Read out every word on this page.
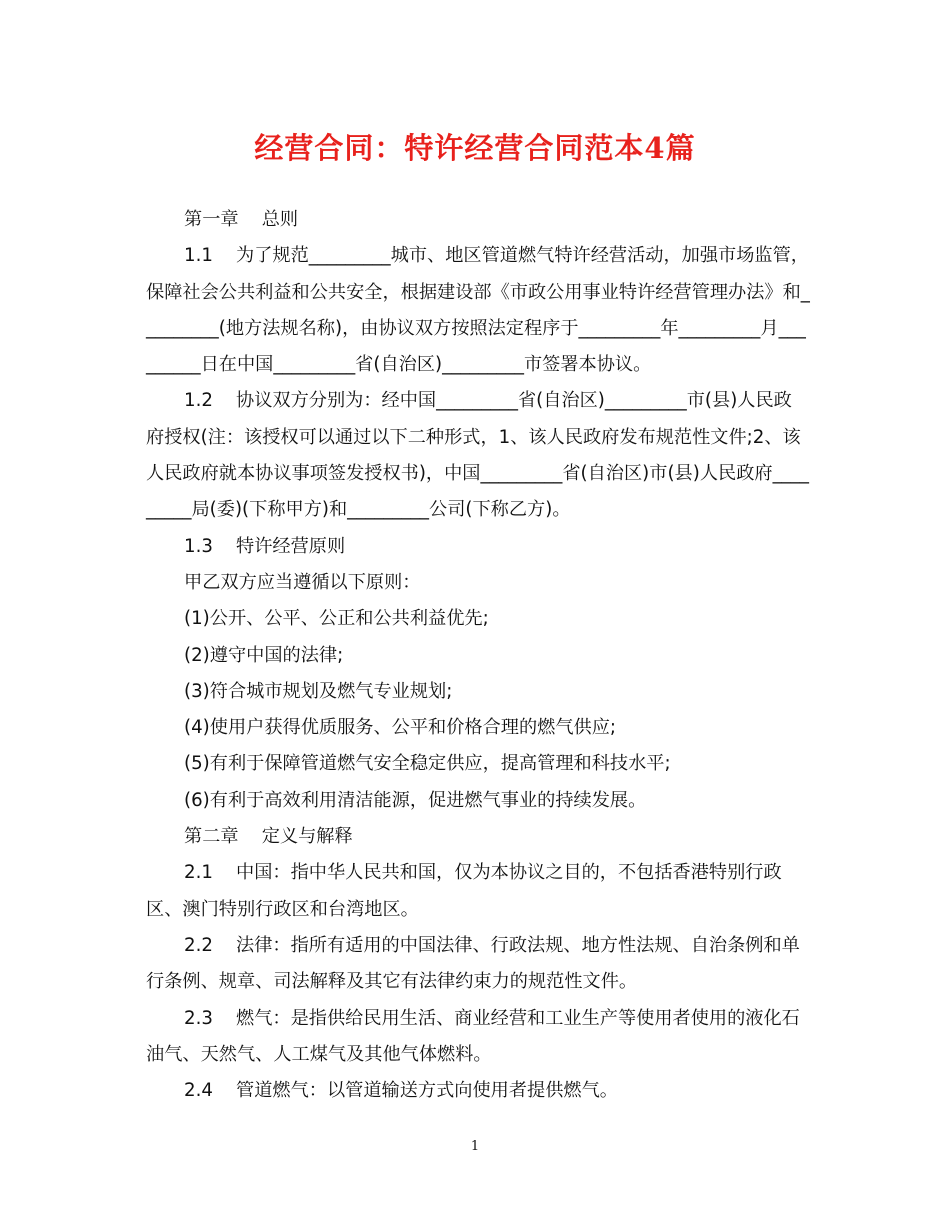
经营合同：特许经营合同范本4篇

第一章    总则

1.1    为了规范_________城市、地区管道燃气特许经营活动，加强市场监管，保障社会公共利益和公共安全，根据建设部《市政公用事业特许经营管理办法》和_________(地方法规名称)，由协议双方按照法定程序于_________年_________月_________日在中国_________省(自治区)_________市签署本协议。

1.2    协议双方分别为：经中国_________省(自治区)_________市(县)人民政府授权(注：该授权可以通过以下二种形式，1、该人民政府发布规范性文件;2、该人民政府就本协议事项签发授权书)，中国_________省(自治区)市(县)人民政府_________局(委)(下称甲方)和_________公司(下称乙方)。

1.3    特许经营原则

甲乙双方应当遵循以下原则：

(1)公开、公平、公正和公共利益优先;

(2)遵守中国的法律;

(3)符合城市规划及燃气专业规划;

(4)使用户获得优质服务、公平和价格合理的燃气供应;

(5)有利于保障管道燃气安全稳定供应，提高管理和科技水平;

(6)有利于高效利用清洁能源，促进燃气事业的持续发展。

第二章    定义与解释

2.1    中国：指中华人民共和国，仅为本协议之目的，不包括香港特别行政区、澳门特别行政区和台湾地区。

2.2    法律：指所有适用的中国法律、行政法规、地方性法规、自治条例和单行条例、规章、司法解释及其它有法律约束力的规范性文件。

2.3    燃气：是指供给民用生活、商业经营和工业生产等使用者使用的液化石油气、天然气、人工煤气及其他气体燃料。

2.4    管道燃气：以管道输送方式向使用者提供燃气。

1
